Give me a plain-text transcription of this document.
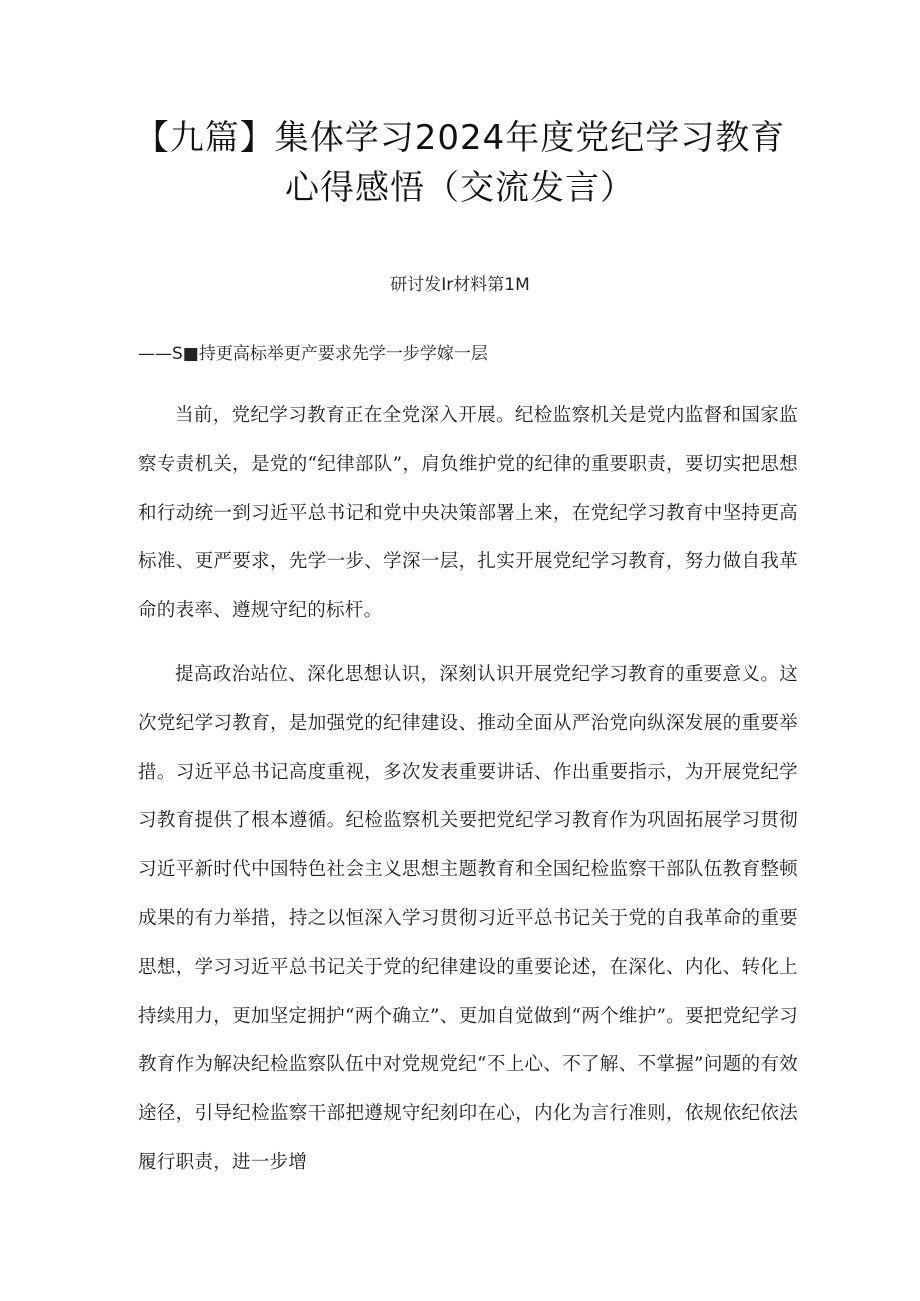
【九篇】集体学习2024年度党纪学习教育
心得感悟（交流发言）
研讨发Ir材料第1M
——S■持更高标举更产要求先学一步学嫁一层

当前，党纪学习教育正在全党深入开展。纪检监察机关是党内监督和国家监察专责机关，是党的“纪律部队”，肩负维护党的纪律的重要职责，要切实把思想和行动统一到习近平总书记和党中央决策部署上来，在党纪学习教育中坚持更高标准、更严要求，先学一步、学深一层，扎实开展党纪学习教育，努力做自我革命的表率、遵规守纪的标杆。

提高政治站位、深化思想认识，深刻认识开展党纪学习教育的重要意义。这次党纪学习教育，是加强党的纪律建设、推动全面从严治党向纵深发展的重要举措。习近平总书记高度重视，多次发表重要讲话、作出重要指示，为开展党纪学习教育提供了根本遵循。纪检监察机关要把党纪学习教育作为巩固拓展学习贯彻习近平新时代中国特色社会主义思想主题教育和全国纪检监察干部队伍教育整顿成果的有力举措，持之以恒深入学习贯彻习近平总书记关于党的自我革命的重要思想，学习习近平总书记关于党的纪律建设的重要论述，在深化、内化、转化上持续用力，更加坚定拥护“两个确立”、更加自觉做到“两个维护”。要把党纪学习教育作为解决纪检监察队伍中对党规党纪“不上心、不了解、不掌握”问题的有效途径，引导纪检监察干部把遵规守纪刻印在心，内化为言行准则，依规依纪依法履行职责，进一步增
